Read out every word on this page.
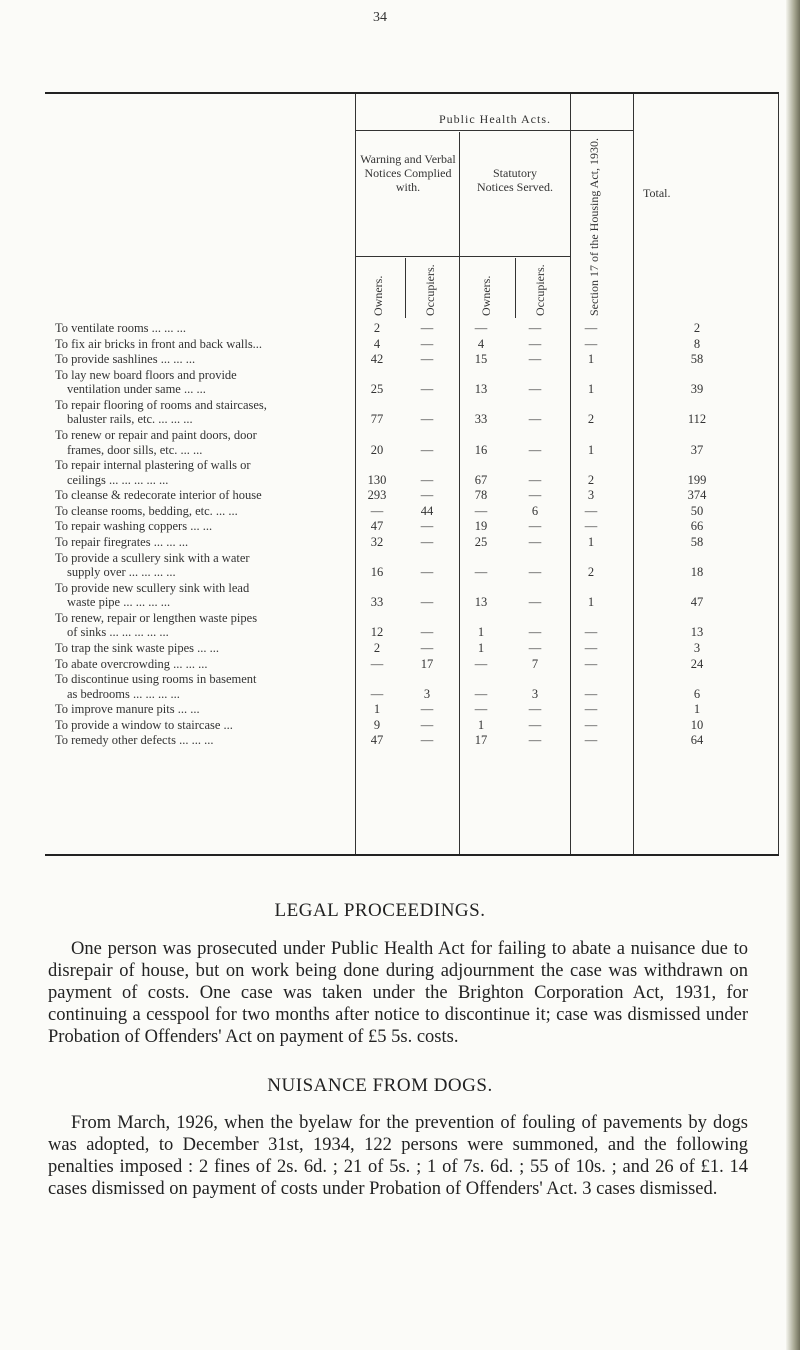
34
Public Health Acts.
Warning and Verbal Notices Complied with.
Statutory Notices Served.
Owners.	Occupiers.	Owners.	Occupiers.	Section 17 of the Housing Act, 1930.	Total.
To ventilate rooms ... ... ...	2	—	—	—	—	2
To fix air bricks in front and back walls...	4	—	4	—	—	8
To provide sashlines ... ... ...	42	—	15	—	1	58
To lay new board floors and provide
ventilation under same ... ...	25	—	13	—	1	39
To repair flooring of rooms and staircases,
baluster rails, etc. ... ... ...	77	—	33	—	2	112
To renew or repair and paint doors, door
frames, door sills, etc. ... ...	20	—	16	—	1	37
To repair internal plastering of walls or
ceilings ... ... ... ... ...	130	—	67	—	2	199
To cleanse & redecorate interior of house	293	—	78	—	3	374
To cleanse rooms, bedding, etc. ... ...	—	44	—	6	—	50
To repair washing coppers ... ...	47	—	19	—	—	66
To repair firegrates ... ... ...	32	—	25	—	1	58
To provide a scullery sink with a water
supply over ... ... ... ...	16	—	—	—	2	18
To provide new scullery sink with lead
waste pipe ... ... ... ...	33	—	13	—	1	47
To renew, repair or lengthen waste pipes
of sinks ... ... ... ... ...	12	—	1	—	—	13
To trap the sink waste pipes ... ...	2	—	1	—	—	3
To abate overcrowding ... ... ...	—	17	—	7	—	24
To discontinue using rooms in basement
as bedrooms ... ... ... ...	—	3	—	3	—	6
To improve manure pits ... ...	1	—	—	—	—	1
To provide a window to staircase ...	9	—	1	—	—	10
To remedy other defects ... ... ...	47	—	17	—	—	64
LEGAL PROCEEDINGS.
One person was prosecuted under Public Health Act for failing to abate a nuisance due to disrepair of house, but on work being done during adjournment the case was withdrawn on payment of costs. One case was taken under the Brighton Corporation Act, 1931, for continuing a cesspool for two months after notice to discontinue it; case was dismissed under Probation of Offenders' Act on payment of £5 5s. costs.
NUISANCE FROM DOGS.
From March, 1926, when the byelaw for the prevention of fouling of pavements by dogs was adopted, to December 31st, 1934, 122 persons were summoned, and the following penalties imposed : 2 fines of 2s. 6d. ; 21 of 5s. ; 1 of 7s. 6d. ; 55 of 10s. ; and 26 of £1. 14 cases dismissed on payment of costs under Probation of Offenders' Act. 3 cases dismissed.
